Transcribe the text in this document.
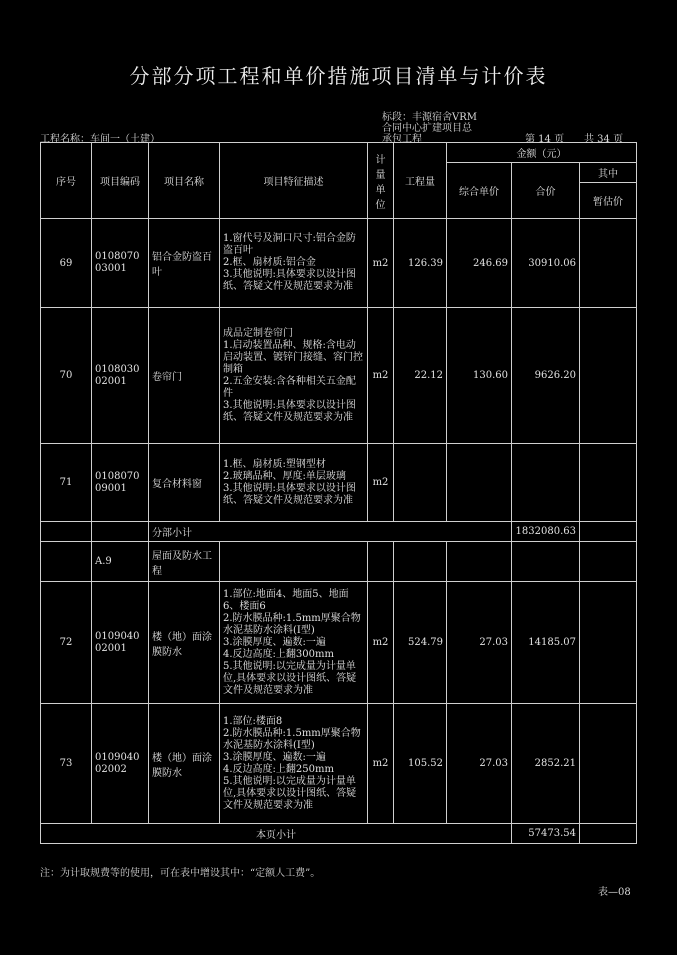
分部分项工程和单价措施项目清单与计价表
标段：丰源宿舍VRM
合同中心扩建项目总
承包工程
工程名称：车间一（土建）	第 14 页 共 34 页
序号	项目编码	项目名称	项目特征描述	计量单位	工程量	金额（元）		
						综合单价	合价	其中
								暂估价
69	010807003001	铝合金防盗百叶	1.窗代号及洞口尺寸:铝合金防盗百叶
2.框、扇材质:铝合金
3.其他说明:具体要求以设计图纸、答疑文件及规范要求为准	m2	126.39	246.69	30910.06	
70	010803002001	卷帘门	成品定制卷帘门
1.启动装置品种、规格:含电动启动装置、镀锌门接缝、容门控制箱
2.五金安装:含各种相关五金配件
3.其他说明:具体要求以设计图纸、答疑文件及规范要求为准	m2	22.12	130.60	9626.20	
71	010807009001	复合材料窗	1.框、扇材质:塑钢型材
2.玻璃品种、厚度:单层玻璃
3.其他说明:具体要求以设计图纸、答疑文件及规范要求为准	m2				
		分部小计					1832080.63	
	A.9	屋面及防水工程						
72	010904002001	楼（地）面涂膜防水	1.部位:地面4、地面5、地面6、楼面6
2.防水膜品种:1.5mm厚聚合物水泥基防水涂料(I型)
3.涂膜厚度、遍数:一遍
4.反边高度:上翻300mm
5.其他说明:以完成量为计量单位,具体要求以设计图纸、答疑文件及规范要求为准	m2	524.79	27.03	14185.07	
73	010904002002	楼（地）面涂膜防水	1.部位:楼面8
2.防水膜品种:1.5mm厚聚合物水泥基防水涂料(I型)
3.涂膜厚度、遍数:一遍
4.反边高度:上翻250mm
5.其他说明:以完成量为计量单位,具体要求以设计图纸、答疑文件及规范要求为准	m2	105.52	27.03	2852.21	
本页小计							57473.54	
注：为计取规费等的使用，可在表中增设其中：“定额人工费”。
表—08
